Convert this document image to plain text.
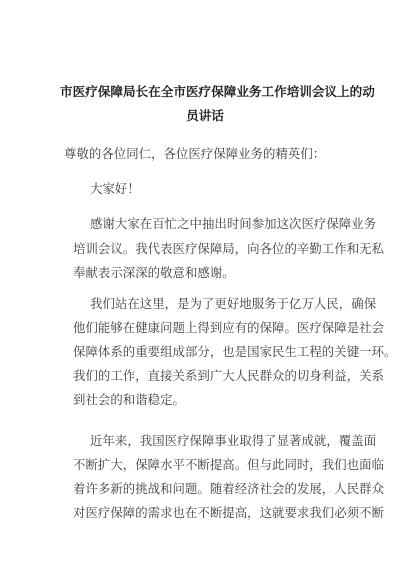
市医疗保障局长在全市医疗保障业务工作培训会议上的动
员讲话
尊敬的各位同仁，各位医疗保障业务的精英们：
大家好！
感谢大家在百忙之中抽出时间参加这次医疗保障业务
培训会议。我代表医疗保障局，向各位的辛勤工作和无私
奉献表示深深的敬意和感谢。
我们站在这里，是为了更好地服务于亿万人民，确保
他们能够在健康问题上得到应有的保障。医疗保障是社会
保障体系的重要组成部分，也是国家民生工程的关键一环。
我们的工作，直接关系到广大人民群众的切身利益，关系
到社会的和谐稳定。
近年来，我国医疗保障事业取得了显著成就，覆盖面
不断扩大，保障水平不断提高。但与此同时，我们也面临
着许多新的挑战和问题。随着经济社会的发展，人民群众
对医疗保障的需求也在不断提高，这就要求我们必须不断
